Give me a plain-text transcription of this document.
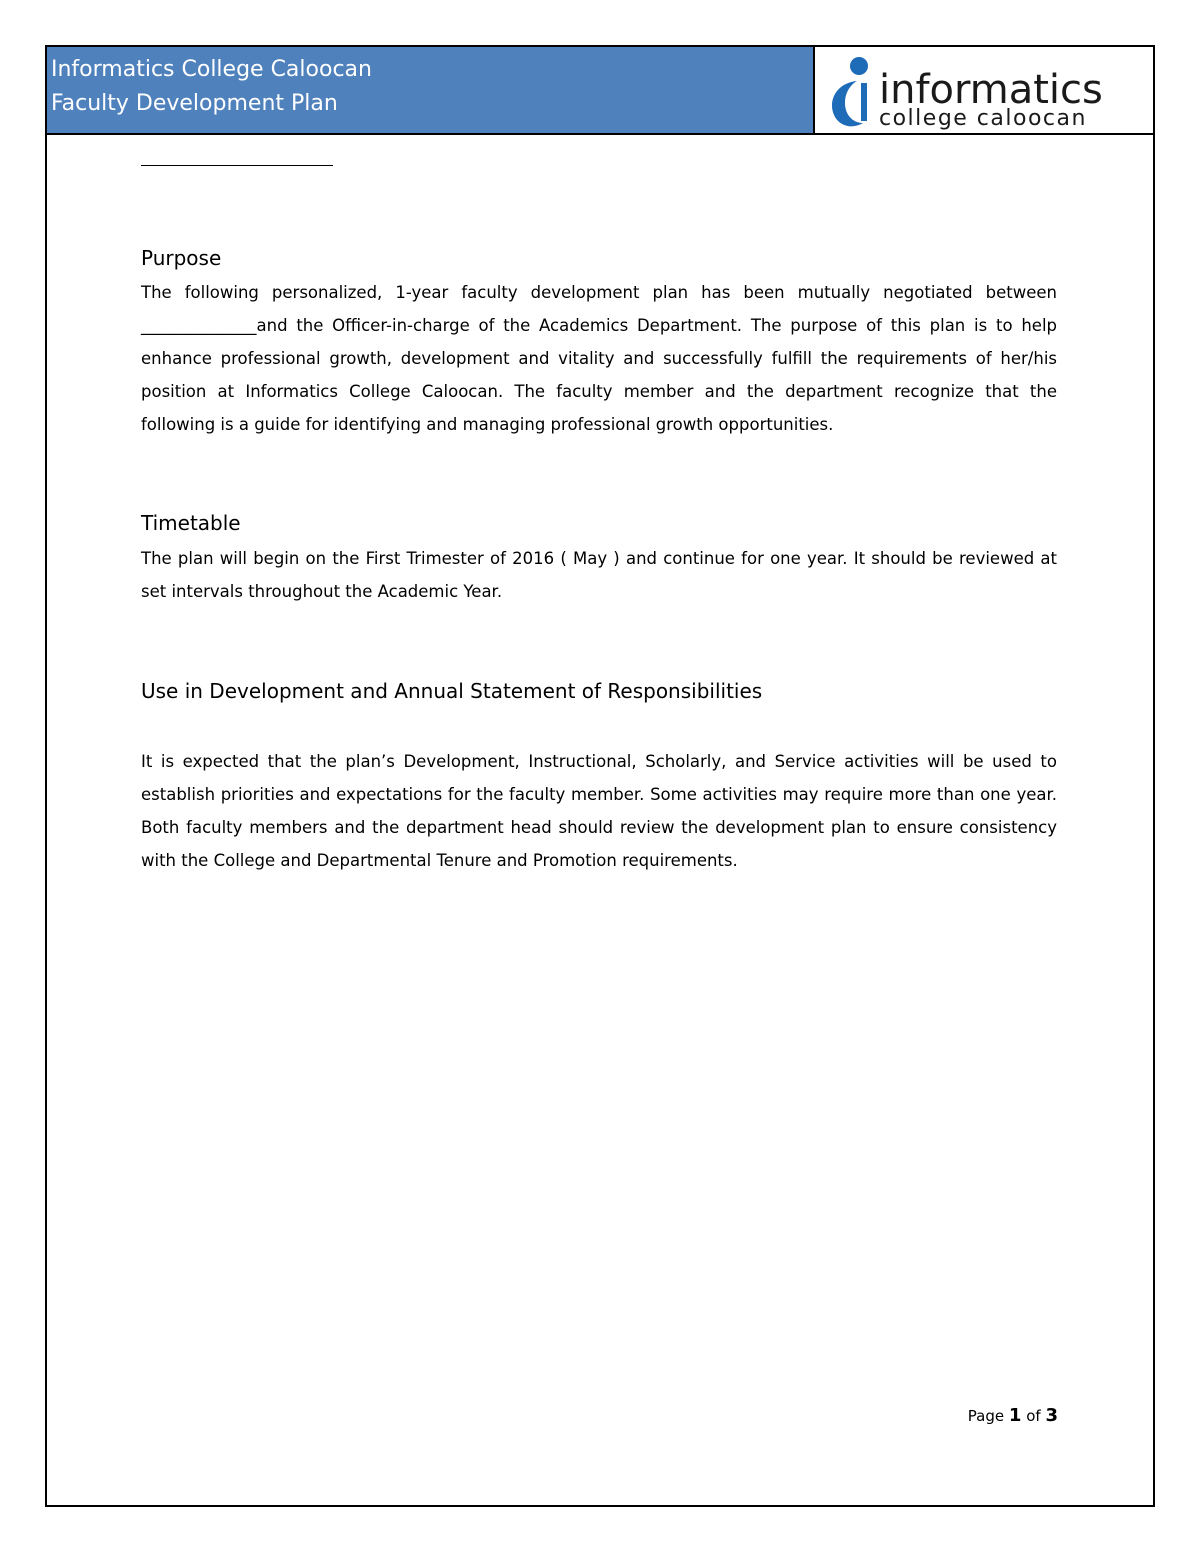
Informatics College Caloocan
Faculty Development Plan	informatics
college caloocan
Purpose
The following personalized, 1-year faculty development plan has been mutually negotiated between ______________and the Officer-in-charge of the Academics Department. The purpose of this plan is to help enhance professional growth, development and vitality and successfully fulfill the requirements of her/his position at Informatics College Caloocan. The faculty member and the department recognize that the following is a guide for identifying and managing professional growth opportunities.
Timetable
The plan will begin on the First Trimester of 2016 ( May ) and continue for one year. It should be reviewed at set intervals throughout the Academic Year.
Use in Development and Annual Statement of Responsibilities
It is expected that the plan’s Development, Instructional, Scholarly, and Service activities will be used to establish priorities and expectations for the faculty member. Some activities may require more than one year. Both faculty members and the department head should review the development plan to ensure consistency with the College and Departmental Tenure and Promotion requirements.
Page 1 of 3
